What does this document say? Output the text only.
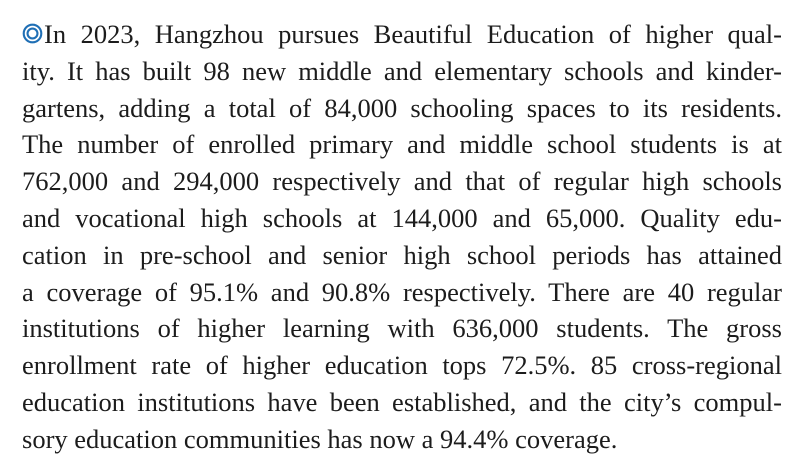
In 2023, Hangzhou pursues Beautiful Education of higher qual-
ity. It has built 98 new middle and elementary schools and kinder-
gartens, adding a total of 84,000 schooling spaces to its residents.
The number of enrolled primary and middle school students is at
762,000 and 294,000 respectively and that of regular high schools
and vocational high schools at 144,000 and 65,000. Quality edu-
cation in pre-school and senior high school periods has attained
a coverage of 95.1% and 90.8% respectively. There are 40 regular
institutions of higher learning with 636,000 students. The gross
enrollment rate of higher education tops 72.5%. 85 cross-regional
education institutions have been established, and the city’s compul-
sory education communities has now a 94.4% coverage.
